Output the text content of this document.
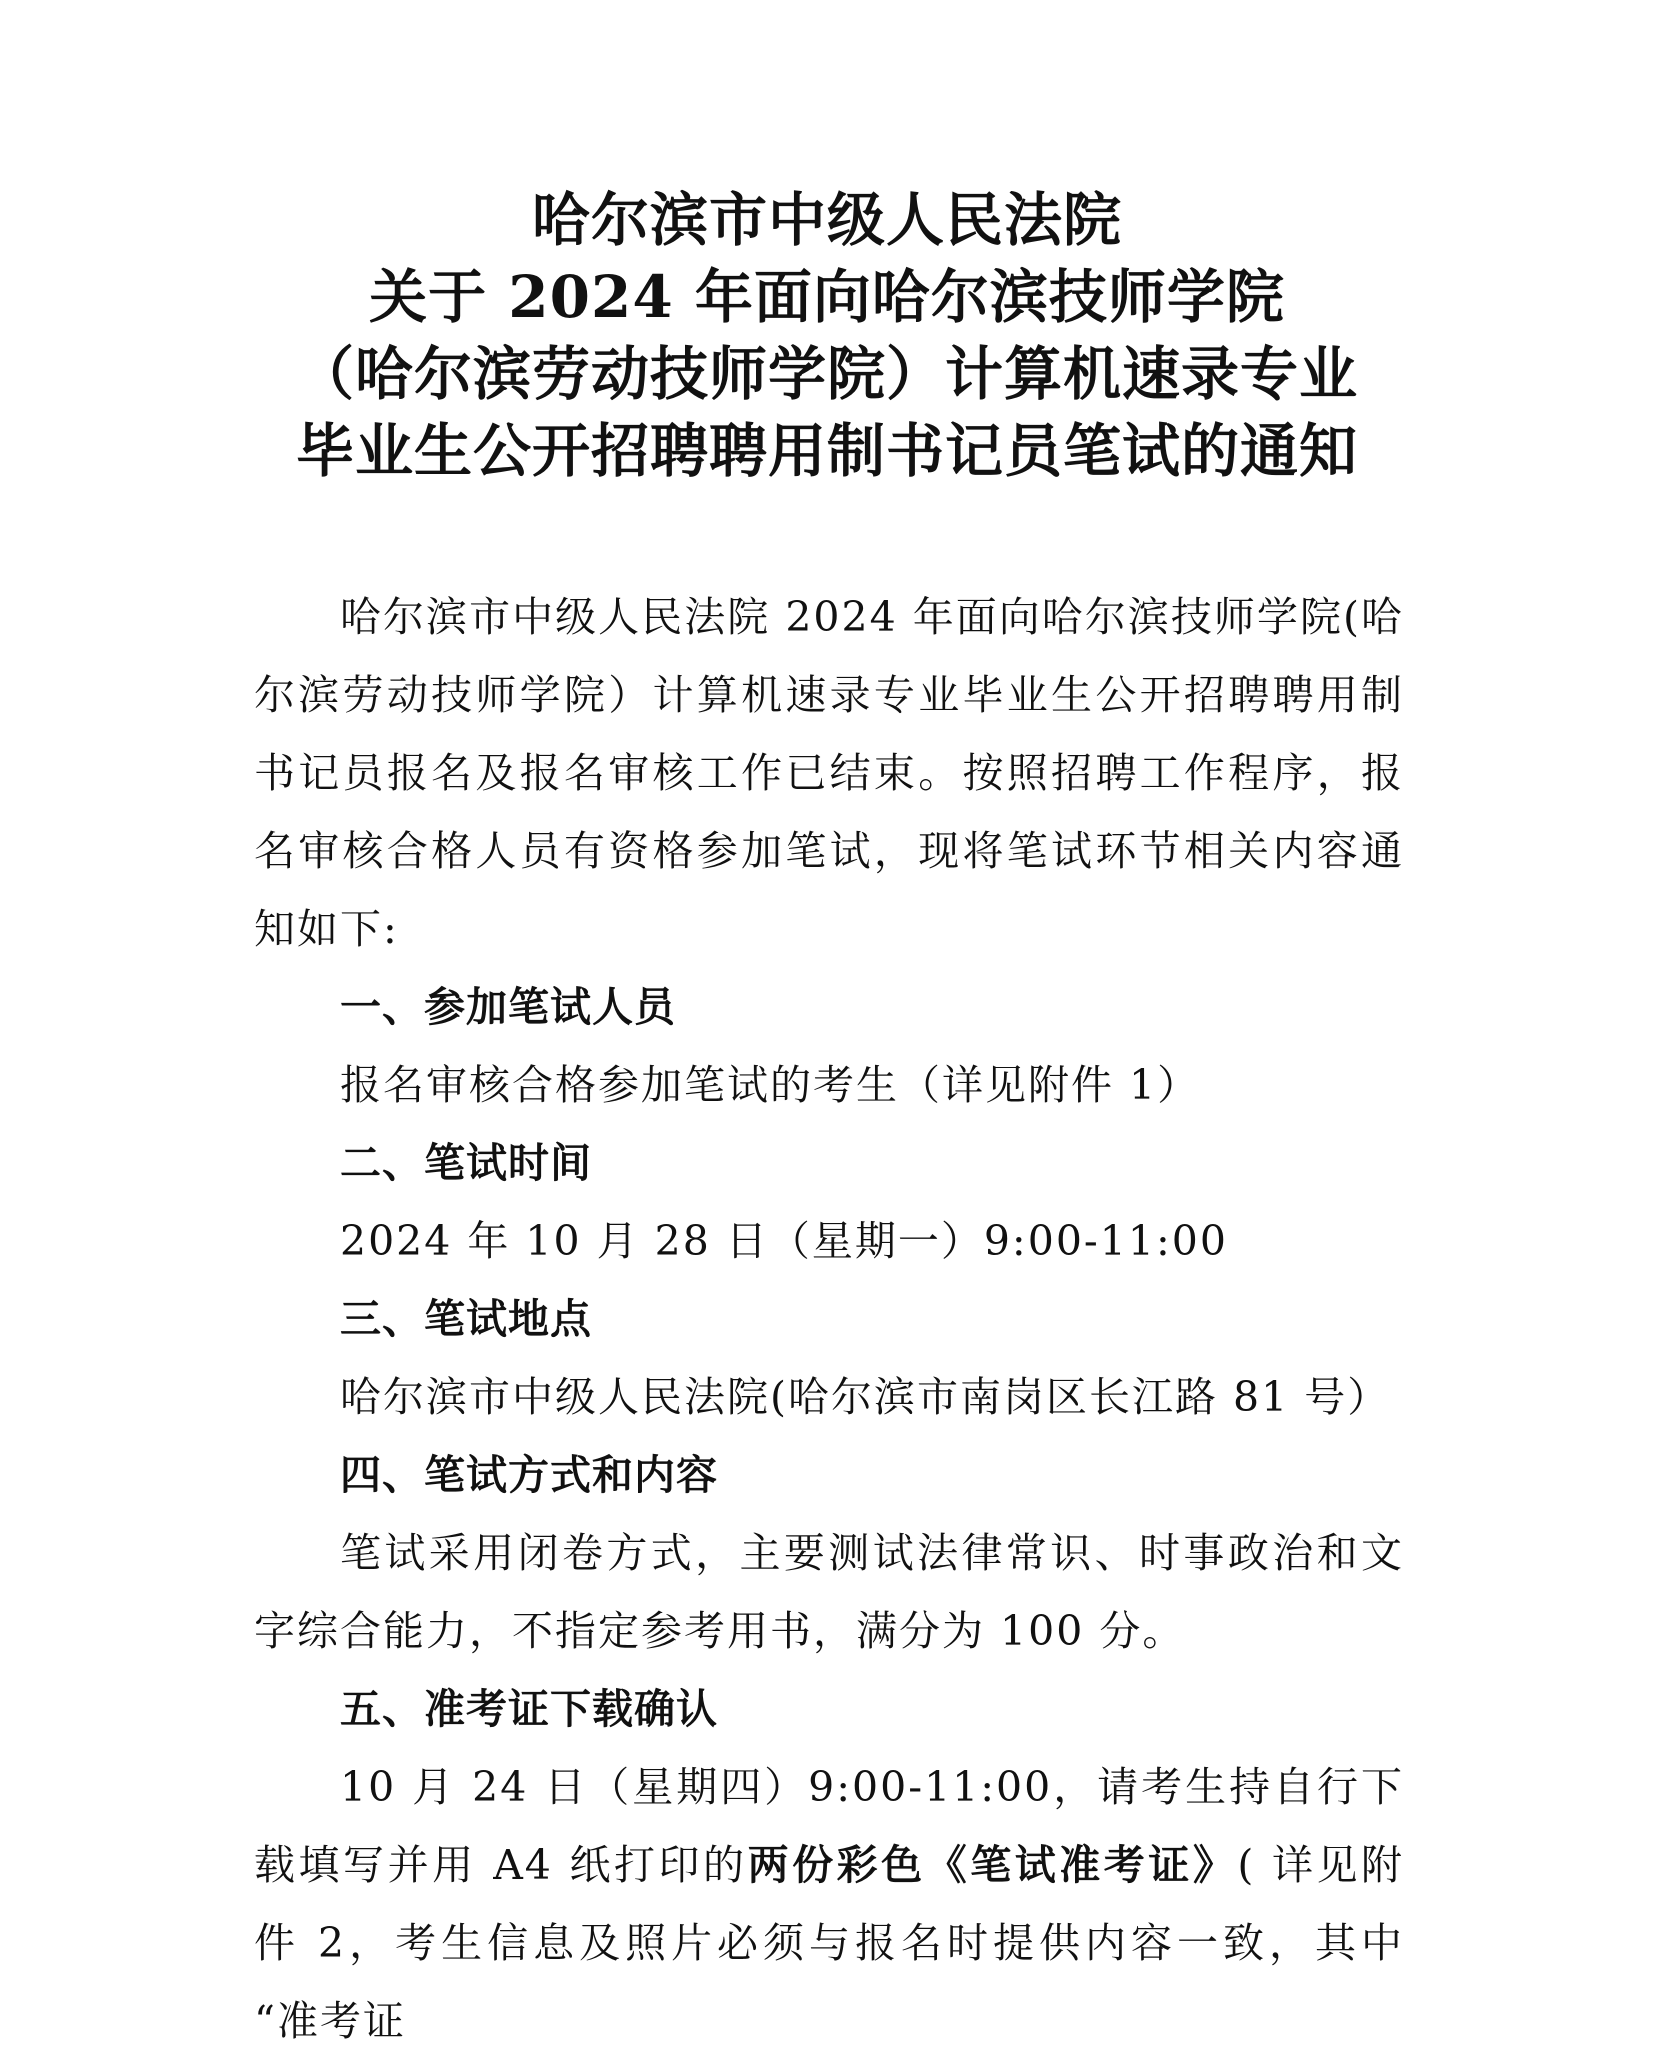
哈尔滨市中级人民法院
关于 2024 年面向哈尔滨技师学院
（哈尔滨劳动技师学院）计算机速录专业
毕业生公开招聘聘用制书记员笔试的通知

哈尔滨市中级人民法院 2024 年面向哈尔滨技师学院(哈尔滨劳动技师学院）计算机速录专业毕业生公开招聘聘用制书记员报名及报名审核工作已结束。按照招聘工作程序，报名审核合格人员有资格参加笔试，现将笔试环节相关内容通知如下:

一、参加笔试人员

报名审核合格参加笔试的考生（详见附件 1）

二、笔试时间

2024 年 10 月 28 日（星期一）9:00-11:00

三、笔试地点

哈尔滨市中级人民法院(哈尔滨市南岗区长江路 81 号）

四、笔试方式和内容

笔试采用闭卷方式，主要测试法律常识、时事政治和文字综合能力，不指定参考用书，满分为 100 分。

五、准考证下载确认

10 月 24 日（星期四）9:00-11:00，请考生持自行下载填写并用 A4 纸打印的两份彩色《笔试准考证》( 详见附件 2，考生信息及照片必须与报名时提供内容一致，其中 “准考证
